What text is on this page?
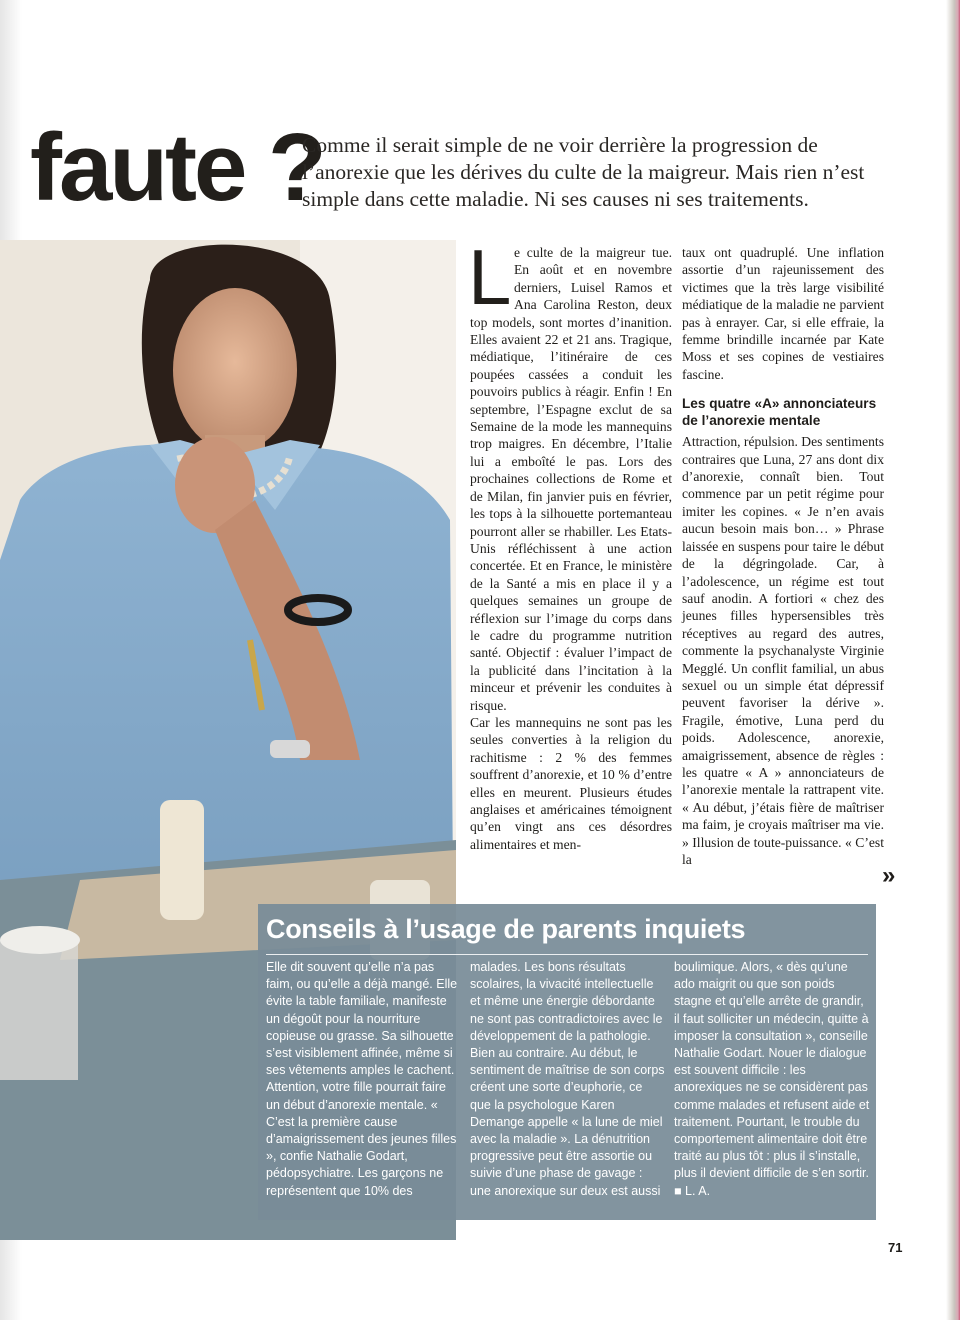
faute ?
Comme il serait simple de ne voir derrière la progression de l’anorexie que les dérives du culte de la maigreur. Mais rien n’est simple dans cette maladie. Ni ses causes ni ses traitements.
L e culte de la maigreur tue. En août et en novembre derniers, Luisel Ramos et Ana Carolina Reston, deux top models, sont mortes d’inanition. Elles avaient 22 et 21 ans. Tragique, médiatique, l’itinéraire de ces poupées cassées a conduit les pouvoirs publics à réagir. Enfin ! En septembre, l’Espagne exclut de sa Semaine de la mode les mannequins trop maigres. En décembre, l’Italie lui a emboîté le pas. Lors des prochaines collections de Rome et de Milan, fin janvier puis en février, les tops à la silhouette portemanteau pourront aller se rhabiller. Les Etats-Unis réfléchissent à une action concertée. Et en France, le ministère de la Santé a mis en place il y a quelques semaines un groupe de réflexion sur l’image du corps dans le cadre du programme nutrition santé. Objectif : évaluer l’impact de la publicité dans l’incitation à la minceur et prévenir les conduites à risque.

Car les mannequins ne sont pas les seules converties à la religion du rachitisme : 2 % des femmes souffrent d’anorexie, et 10 % d’entre elles en meurent. Plusieurs études anglaises et américaines témoignent qu’en vingt ans ces désordres alimentaires et men-

taux ont quadruplé. Une inflation assortie d’un rajeunissement des victimes que la très large visibilité médiatique de la maladie ne parvient pas à enrayer. Car, si elle effraie, la femme brindille incarnée par Kate Moss et ses copines de vestiaires fascine.

Les quatre «A» annonciateurs de l’anorexie mentale

Attraction, répulsion. Des sentiments contraires que Luna, 27 ans dont dix d’anorexie, connaît bien. Tout commence par un petit régime pour imiter les copines. « Je n’en avais aucun besoin mais bon… » Phrase laissée en suspens pour taire le début de la dégringolade. Car, à l’adolescence, un régime est tout sauf anodin. A fortiori « chez des jeunes filles hypersensibles très réceptives au regard des autres, commente la psychanalyste Virginie Megglé. Un conflit familial, un abus sexuel ou un simple état dépressif peuvent favoriser la dérive ». Fragile, émotive, Luna perd du poids. Adolescence, anorexie, amaigrissement, absence de règles : les quatre « A » annonciateurs de l’anorexie mentale la rattrapent vite. « Au début, j’étais fière de maîtriser ma faim, je croyais maîtriser ma vie. » Illusion de toute-puissance. « C’est la

»
Conseils à l’usage de parents inquiets
Elle dit souvent qu’elle n’a pas faim, ou qu’elle a déjà mangé. Elle évite la table familiale, manifeste un dégoût pour la nourriture copieuse ou grasse. Sa silhouette s’est visiblement affinée, même si ses vêtements amples le cachent. Attention, votre fille pourrait faire un début d’anorexie mentale. « C’est la première cause d’amaigrissement des jeunes filles », confie Nathalie Godart, pédopsychiatre. Les garçons ne représentent que 10% des
malades. Les bons résultats scolaires, la vivacité intellectuelle et même une énergie débordante ne sont pas contradictoires avec le développement de la pathologie. Bien au contraire. Au début, le sentiment de maîtrise de son corps créent une sorte d’euphorie, ce que la psychologue Karen Demange appelle « la lune de miel avec la maladie ». La dénutrition progressive peut être assortie ou suivie d’une phase de gavage : une anorexique sur deux est aussi
boulimique. Alors, « dès qu’une ado maigrit ou que son poids stagne et qu’elle arrête de grandir, il faut solliciter un médecin, quitte à imposer la consultation », conseille Nathalie Godart. Nouer le dialogue est souvent difficile : les anorexiques ne se considèrent pas comme malades et refusent aide et traitement. Pourtant, le trouble du comportement alimentaire doit être traité au plus tôt : plus il s’installe, plus il devient difficile de s’en sortir. ■ L. A.
71
